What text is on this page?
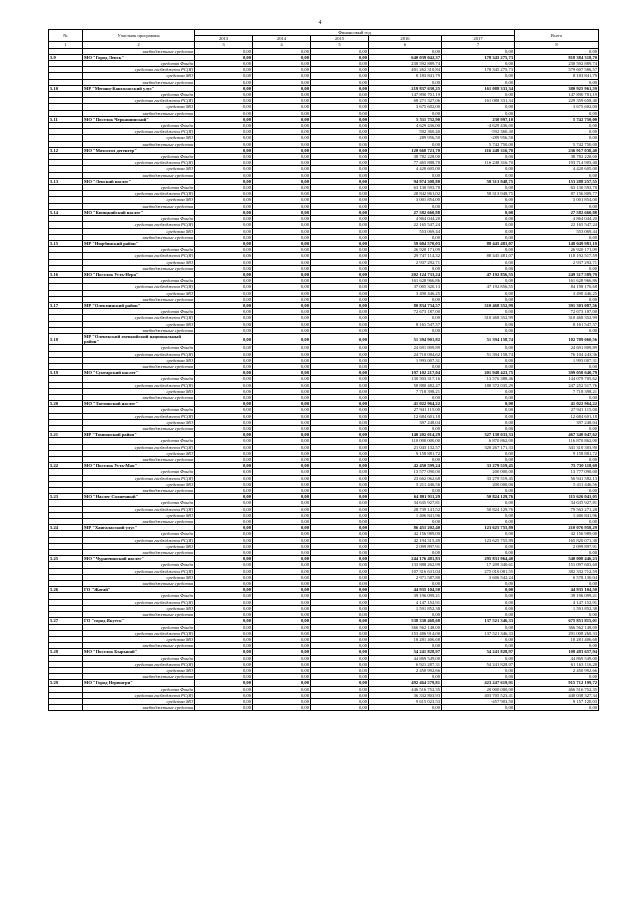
4
№	Участник программы	Финансовый год					Всего
		2013	2014	2015	2016	2017	
1	2	3	4	5	6	7	8
	внебюджетные средства	0,00	0,00	0,00	0,00	0,00	0,00
5.9	МО "Город Ленск"	0,00	0,00	0,00	640 039 042,37	178 345 275,73	818 384 318,70
	средства Фонда	0,00	0,00	0,00	230 592 889,74	0,00	230 592 889,74
	средства госбюджета РС(Я)	0,00	0,00	0,00	401 262 310,84	178 345 275,73	579 607 586,57
	средства МО	0,00	0,00	0,00	8 183 841,79	0,00	8 183 841,79
	внебюджетные средства	0,00	0,00	0,00	0,00	0,00	0,00
5.10	МР "Мегино-Кангаласский улус"	0,00	0,00	0,00	219 837 630,25	161 088 331,34	380 925 961,59
	средства Фонда	0,00	0,00	0,00	147 890 701,19	0,00	147 890 701,19
	средства госбюджета РС(Я)	0,00	0,00	0,00	68 271 327,06	161 088 331,34	229 359 658,40
	средства МО	0,00	0,00	0,00	3 675 602,00	0,00	3 675 602,00
	внебюджетные средства	0,00	0,00	0,00	0,00	0,00	0,00
5.11	МО "Поселок Черкашинский"	0,00	0,00	0,00	5 511 752,90	230 997,10	5 742 750,00
	средства Фонда	0,00	0,00	0,00	4 629 436,00	-4 629 436,00	0,00
	средства госбюджета РС(Я)	0,00	0,00	0,00	592 360,40	-592 360,40	0,00
	средства МО	0,00	0,00	0,00	289 956,50	-289 956,50	0,00
	внебюджетные средства	0,00	0,00	0,00	0,00	5 742 750,00	5 742 750,00
5.12	МО "Мохсогол дегенгер"	0,00	0,00	0,00	120 668 721,70	116 248 316,70	236 917 038,40
	средства Фонда	0,00	0,00	0,00	38 782 228,00	0,00	38 782 228,00
	средства госбюджета РС(Я)	0,00	0,00	0,00	77 465 888,70	116 248 316,70	193 714 905,40
	средства МО	0,00	0,00	0,00	4 420 605,00	0,00	4 420 605,00
	внебюджетные средства	0,00	0,00	0,00	0,00	0,00	0,00
5.13	МО "Ленский наслег"	0,00	0,00	0,00	94 974 308,80	58 313 948,75	153 288 257,55
	средства Фонда	0,00	0,00	0,00	63 130 593,78	0,00	63 130 593,78
	средства госбюджета РС(Я)	0,00	0,00	0,00	28 842 861,02	58 313 948,75	87 156 809,77
	средства МО	0,00	0,00	0,00	3 001 854,00	0,00	3 001 854,00
	внебюджетные средства	0,00	0,00	0,00	0,00	0,00	0,00
5.14	МО "Кюпцкийский наслег"	0,00	0,00	0,00	27 582 660,88	0,00	27 582 660,88
	средства Фонда	0,00	0,00	0,00	4 864 044,20	0,00	4 864 044,20
	средства госбюджета РС(Я)	0,00	0,00	0,00	22 165 547,24	0,00	22 165 547,24
	средства МО	0,00	0,00	0,00	553 069,44	0,00	553 069,44
	внебюджетные средства	0,00	0,00	0,00	0,00	0,00	0,00
5.15	МР "Нюрбинский район"	0,00	0,00	0,00	59 604 570,03	88 445 481,07	148 049 981,10
	средства Фонда	0,00	0,00	0,00	26 920 171,09	0,00	26 920 171,09
	средства госбюджета РС(Я)	0,00	0,00	0,00	29 747 114,32	88 445 481,07	118 192 517,59
	средства МО	0,00	0,00	0,00	2 937 292,71	0,00	2 937 292,71
	внебюджетные средства	0,00	0,00	0,00	0,00	0,00	0,00
5.16	МО "Поселок Усть-Нера"	0,00	0,00	0,00	202 124 733,24	47 192 856,55	249 317 589,79
	средства Фонда	0,00	0,00	0,00	161 628 966,86	0,00	161 628 966,86
	средства госбюджета РС(Я)	0,00	0,00	0,00	37 005 320,13	47 192 856,55	84 198 176,68
	средства МО	0,00	0,00	0,00	3 490 446,25	0,00	3 490 446,25
	внебюджетные средства	0,00	0,00	0,00	0,00	0,00	0,00
5.17	МР "Олекминский район"	0,00	0,00	0,00	80 834 734,57	310 468 352,99	391 303 087,56
	средства Фонда	0,00	0,00	0,00	72 673 187,00	0,00	72 673 187,00
	средства госбюджета РС(Я)	0,00	0,00	0,00	0,00	310 468 352,99	310 468 352,99
	средства МО	0,00	0,00	0,00	8 161 547,57	0,00	8 161 547,57
	внебюджетные средства	0,00	0,00	0,00	0,00	0,00	0,00
5.18	МР "Оленекский эвенкийский национальный район"	0,00	0,00	0,00	51 394 901,82	51 394 158,74	102 789 060,56
	средства Фонда	0,00	0,00	0,00	24 691 809,89	0,00	24 691 809,89
	средства госбюджета РС(Я)	0,00	0,00	0,00	24 710 084,62	51 394 158,74	76 104 243,36
	средства МО	0,00	0,00	0,00	1 993 007,31	0,00	1 993 007,31
	внебюджетные средства	0,00	0,00	0,00	0,00	0,00	0,00
5.19	МО "Сунтарский наслег"	0,00	0,00	0,00	197 102 217,04	201 948 423,75	399 050 640,79
	средства Фонда	0,00	0,00	0,00	130 503 317,16	13 576 388,46	144 079 705,62
	средства госбюджета РС(Я)	0,00	0,00	0,00	58 880 482,47	188 372 035,29	247 252 517,76
	средства МО	0,00	0,00	0,00	7 718 398,21	0,00	7 718 398,21
	внебюджетные средства	0,00	0,00	0,00	0,00	0,00	0,00
5.20	МО "Таттинский наслег"	0,00	0,00	0,00	41 022 964,22	0,00	41 022 964,22
	средства Фонда	0,00	0,00	0,00	27 941 115,00	0,00	27 941 115,00
	средства госбюджета РС(Я)	0,00	0,00	0,00	12 684 601,18	0,00	12 684 601,18
	средства МО	0,00	0,00	0,00	397 248,04	0,00	397 248,04
	внебюджетные средства	0,00	0,00	0,00	0,00	0,00	0,00
5.21	МР "Томпонский район"	0,00	0,00	0,00	140 202 014,29	327 138 033,33	467 340 047,62
	средства Фонда	0,00	0,00	0,00	110 000 000,00	6 870 862,00	116 870 862,00
	средства госбюджета РС(Я)	0,00	0,00	0,00	21 043 132,57	320 267 171,33	341 310 303,90
	средства МО	0,00	0,00	0,00	9 158 881,72	0,00	9 158 881,72
	внебюджетные средства	0,00	0,00	0,00	0,00	0,00	0,00
5.22	МО "Поселок Усть-Мая"	0,00	0,00	0,00	42 450 599,24	33 279 519,45	75 730 118,69
	средства Фонда	0,00	0,00	0,00	13 577 090,00	200 000,00	13 777 090,00
	средства госбюджета РС(Я)	0,00	0,00	0,00	23 662 062,68	33 279 519,45	56 941 582,13
	средства МО	0,00	0,00	0,00	5 211 446,56	200 000,00	5 411 446,56
	внебюджетные средства	0,00	0,00	0,00	0,00	0,00	0,00
5.23	МО "Наслег Солнечный"	0,00	0,00	0,00	64 801 911,29	50 824 129,76	115 626 041,05
	средства Фонда	0,00	0,00	0,00	34 635 927,81	0,00	34 635 927,81
	средства госбюджета РС(Я)	0,00	0,00	0,00	28 739 141,52	50 824 129,76	79 563 271,28
	средства МО	0,00	0,00	0,00	1 406 841,96	0,00	1 406 841,96
	внебюджетные средства	0,00	0,00	0,00	0,00	0,00	0,00
5.24	МР "Хангаласский улус"	0,00	0,00	0,00	86 451 202,40	123 625 755,89	210 076 958,29
	средства Фонда	0,00	0,00	0,00	42 156 989,00	0,00	42 156 989,00
	средства госбюджета РС(Я)	0,00	0,00	0,00	42 194 315,49	123 625 755,89	165 820 071,38
	средства МО	0,00	0,00	0,00	2 099 897,91	0,00	2 099 897,91
	внебюджетные средства	0,00	0,00	0,00	0,00	0,00	0,00
5.25	МО "Чурапчинский наслег"	0,00	0,00	0,00	244 176 481,83	295 831 964,40	540 008 446,23
	средства Фонда	0,00	0,00	0,00	133 888 262,99	17 209 340,61	151 097 603,60
	средства госбюджета РС(Я)	0,00	0,00	0,00	107 316 631,04	275 016 081,55	382 332 712,59
	средства МО	0,00	0,00	0,00	2 971 587,80	3 606 542,24	6 578 130,04
	внебюджетные средства	0,00	0,00	0,00	0,00	0,00	0,00
5.26	ГО "Жатай"	0,00	0,00	0,00	44 935 104,50	0,00	44 935 104,50
	средства Фонда	0,00	0,00	0,00	39 196 099,21	0,00	39 196 099,21
	средства госбюджета РС(Я)	0,00	0,00	0,00	4 147 152,91	0,00	4 147 152,91
	средства МО	0,00	0,00	0,00	1 591 852,38	0,00	1 591 852,38
	внебюджетные средства	0,00	0,00	0,00	0,00	0,00	0,00
5.27	ГО "город Якутск"	0,00	0,00	0,00	538 330 468,68	137 521 346,33	675 851 815,01
	средства Фонда	0,00	0,00	0,00	366 562 148,00	0,00	366 562 148,00
	средства госбюджета РС(Я)	0,00	0,00	0,00	153 486 914,00	137 521 346,33	291 008 260,33
	средства МО	0,00	0,00	0,00	18 281 406,68	0,00	18 281 406,68
	внебюджетные средства	0,00	0,00	0,00	0,00	0,00	0,00
5.28	МО "Поселок Бырынай"	0,00	0,00	0,00	54 241 828,97	54 241 828,97	108 483 657,94
	средства Фонда	0,00	0,00	0,00	44 869 549,00	0,00	44 869 549,00
	средства госбюджета РС(Я)	0,00	0,00	0,00	6 921 287,31	54 241 828,97	61 163 116,28
	средства МО	0,00	0,00	0,00	2 450 992,66	0,00	2 450 992,66
	внебюджетные средства	0,00	0,00	0,00	0,00	0,00	0,00
5.29	МО "Город Нерюнгри"	0,00	0,00	0,00	492 464 579,81	423 247 619,91	915 712 199,72
	средства Фонда	0,00	0,00	0,00	446 516 752,35	20 000 000,00	466 516 752,35
	средства госбюджета РС(Я)	0,00	0,00	0,00	36 332 803,93	403 705 523,41	440 038 327,34
	средства МО	0,00	0,00	0,00	9 615 023,53	-457 903,50	9 157 120,03
	внебюджетные средства	0,00	0,00	0,00	0,00	0,00	0,00
